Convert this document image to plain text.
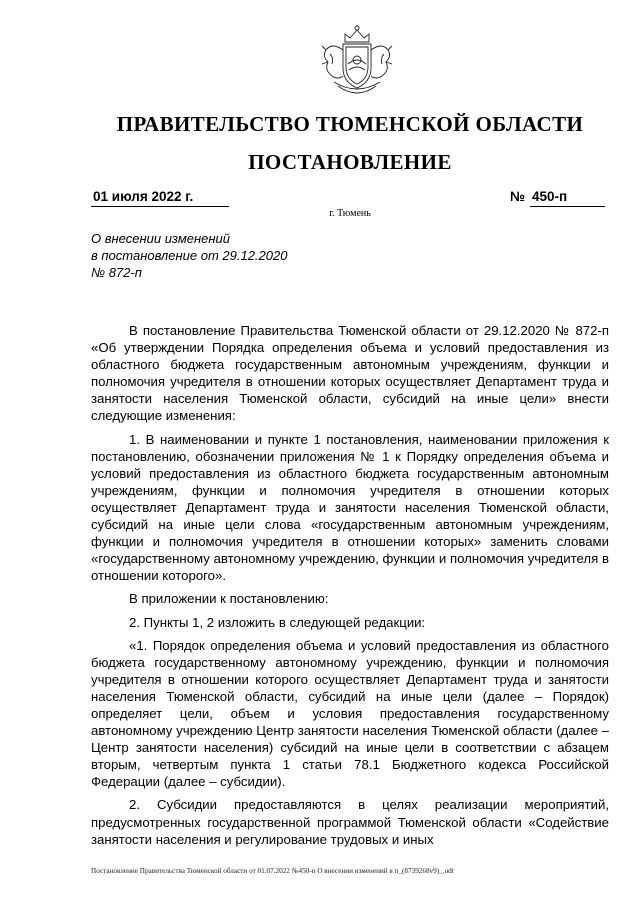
ПРАВИТЕЛЬСТВО ТЮМЕНСКОЙ ОБЛАСТИ
ПОСТАНОВЛЕНИЕ
01 июля 2022 г.	№ 450-п
г. Тюмень
О внесении изменений
в постановление от 29.12.2020
№ 872-п

В постановление Правительства Тюменской области от 29.12.2020 № 872-п «Об утверждении Порядка определения объема и условий предоставления из областного бюджета государственным автономным учреждениям, функции и полномочия учредителя в отношении которых осуществляет Департамент труда и занятости населения Тюменской области, субсидий на иные цели» внести следующие изменения:

1. В наименовании и пункте 1 постановления, наименовании приложения к постановлению, обозначении приложения № 1 к Порядку определения объема и условий предоставления из областного бюджета государственным автономным учреждениям, функции и полномочия учредителя в отношении которых осуществляет Департамент труда и занятости населения Тюменской области, субсидий на иные цели слова «государственным автономным учреждениям, функции и полномочия учредителя в отношении которых» заменить словами «государственному автономному учреждению, функции и полномочия учредителя в отношении которого».

В приложении к постановлению:

2. Пункты 1, 2 изложить в следующей редакции:

«1. Порядок определения объема и условий предоставления из областного бюджета государственному автономному учреждению, функции и полномочия учредителя в отношении которого осуществляет Департамент труда и занятости населения Тюменской области, субсидий на иные цели (далее – Порядок) определяет цели, объем и условия предоставления государственному автономному учреждению Центр занятости населения Тюменской области (далее – Центр занятости населения) субсидий на иные цели в соответствии с абзацем вторым, четвертым пункта 1 статьи 78.1 Бюджетного кодекса Российской Федерации (далее – субсидии).

2. Субсидии предоставляются в целях реализации мероприятий, предусмотренных государственной программой Тюменской области «Содействие занятости населения и регулирование трудовых и иных

Постановление Правительства Тюменской области от 01.07.2022 №450-п О внесении изменений в п_(8739268v9)_.odt
